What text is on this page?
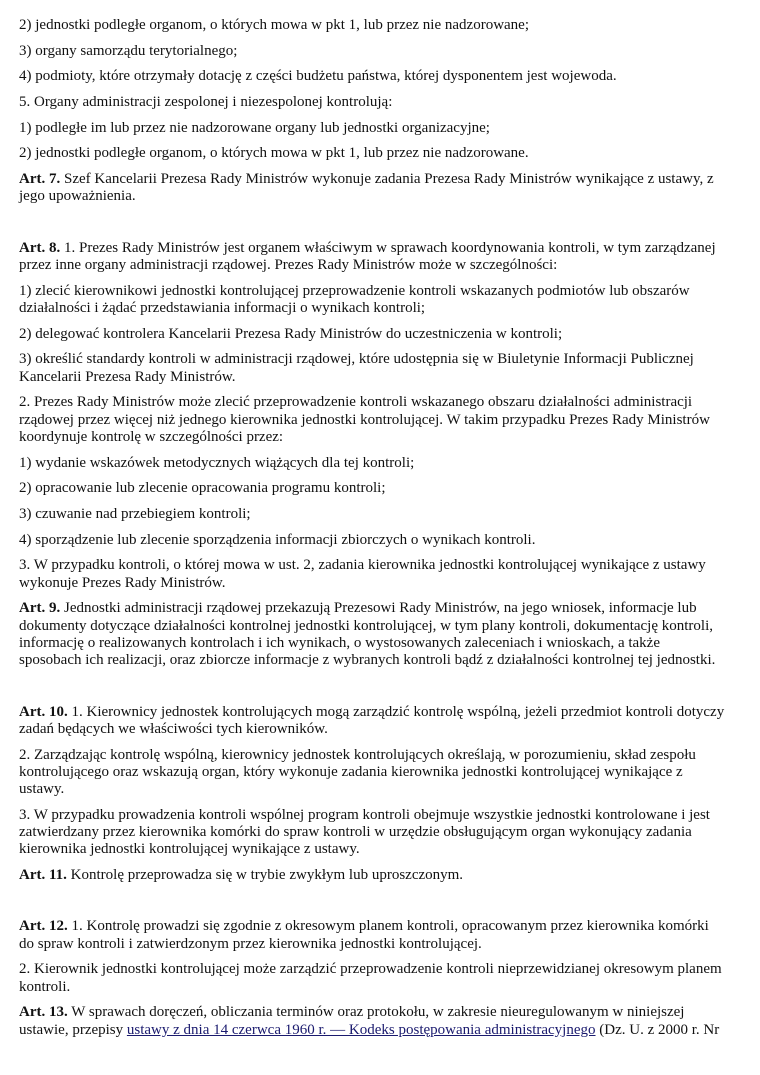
2) jednostki podległe organom, o których mowa w pkt 1, lub przez nie nadzorowane;
3) organy samorządu terytorialnego;
4) podmioty, które otrzymały dotację z części budżetu państwa, której dysponentem jest wojewoda.
5. Organy administracji zespolonej i niezespolonej kontrolują:
1) podległe im lub przez nie nadzorowane organy lub jednostki organizacyjne;
2) jednostki podległe organom, o których mowa w pkt 1, lub przez nie nadzorowane.
Art. 7. Szef Kancelarii Prezesa Rady Ministrów wykonuje zadania Prezesa Rady Ministrów wynikające z ustawy, z
jego upoważnienia.
Art. 8. 1. Prezes Rady Ministrów jest organem właściwym w sprawach koordynowania kontroli, w tym zarządzanej
przez inne organy administracji rządowej. Prezes Rady Ministrów może w szczególności:
1) zlecić kierownikowi jednostki kontrolującej przeprowadzenie kontroli wskazanych podmiotów lub obszarów
działalności i żądać przedstawiania informacji o wynikach kontroli;
2) delegować kontrolera Kancelarii Prezesa Rady Ministrów do uczestniczenia w kontroli;
3) określić standardy kontroli w administracji rządowej, które udostępnia się w Biuletynie Informacji Publicznej
Kancelarii Prezesa Rady Ministrów.
2. Prezes Rady Ministrów może zlecić przeprowadzenie kontroli wskazanego obszaru działalności administracji
rządowej przez więcej niż jednego kierownika jednostki kontrolującej. W takim przypadku Prezes Rady Ministrów
koordynuje kontrolę w szczególności przez:
1) wydanie wskazówek metodycznych wiążących dla tej kontroli;
2) opracowanie lub zlecenie opracowania programu kontroli;
3) czuwanie nad przebiegiem kontroli;
4) sporządzenie lub zlecenie sporządzenia informacji zbiorczych o wynikach kontroli.
3. W przypadku kontroli, o której mowa w ust. 2, zadania kierownika jednostki kontrolującej wynikające z ustawy
wykonuje Prezes Rady Ministrów.
Art. 9. Jednostki administracji rządowej przekazują Prezesowi Rady Ministrów, na jego wniosek, informacje lub
dokumenty dotyczące działalności kontrolnej jednostki kontrolującej, w tym plany kontroli, dokumentację kontroli,
informację o realizowanych kontrolach i ich wynikach, o wystosowanych zaleceniach i wnioskach, a także
sposobach ich realizacji, oraz zbiorcze informacje z wybranych kontroli bądź z działalności kontrolnej tej jednostki.
Art. 10. 1. Kierownicy jednostek kontrolujących mogą zarządzić kontrolę wspólną, jeżeli przedmiot kontroli dotyczy
zadań będących we właściwości tych kierowników.
2. Zarządzając kontrolę wspólną, kierownicy jednostek kontrolujących określają, w porozumieniu, skład zespołu
kontrolującego oraz wskazują organ, który wykonuje zadania kierownika jednostki kontrolującej wynikające z
ustawy.
3. W przypadku prowadzenia kontroli wspólnej program kontroli obejmuje wszystkie jednostki kontrolowane i jest
zatwierdzany przez kierownika komórki do spraw kontroli w urzędzie obsługującym organ wykonujący zadania
kierownika jednostki kontrolującej wynikające z ustawy.
Art. 11. Kontrolę przeprowadza się w trybie zwykłym lub uproszczonym.
Art. 12. 1. Kontrolę prowadzi się zgodnie z okresowym planem kontroli, opracowanym przez kierownika komórki
do spraw kontroli i zatwierdzonym przez kierownika jednostki kontrolującej.
2. Kierownik jednostki kontrolującej może zarządzić przeprowadzenie kontroli nieprzewidzianej okresowym planem
kontroli.
Art. 13. W sprawach doręczeń, obliczania terminów oraz protokołu, w zakresie nieuregulowanym w niniejszej
ustawie, przepisy ustawy z dnia 14 czerwca 1960 r. — Kodeks postępowania administracyjnego (Dz. U. z 2000 r. Nr
